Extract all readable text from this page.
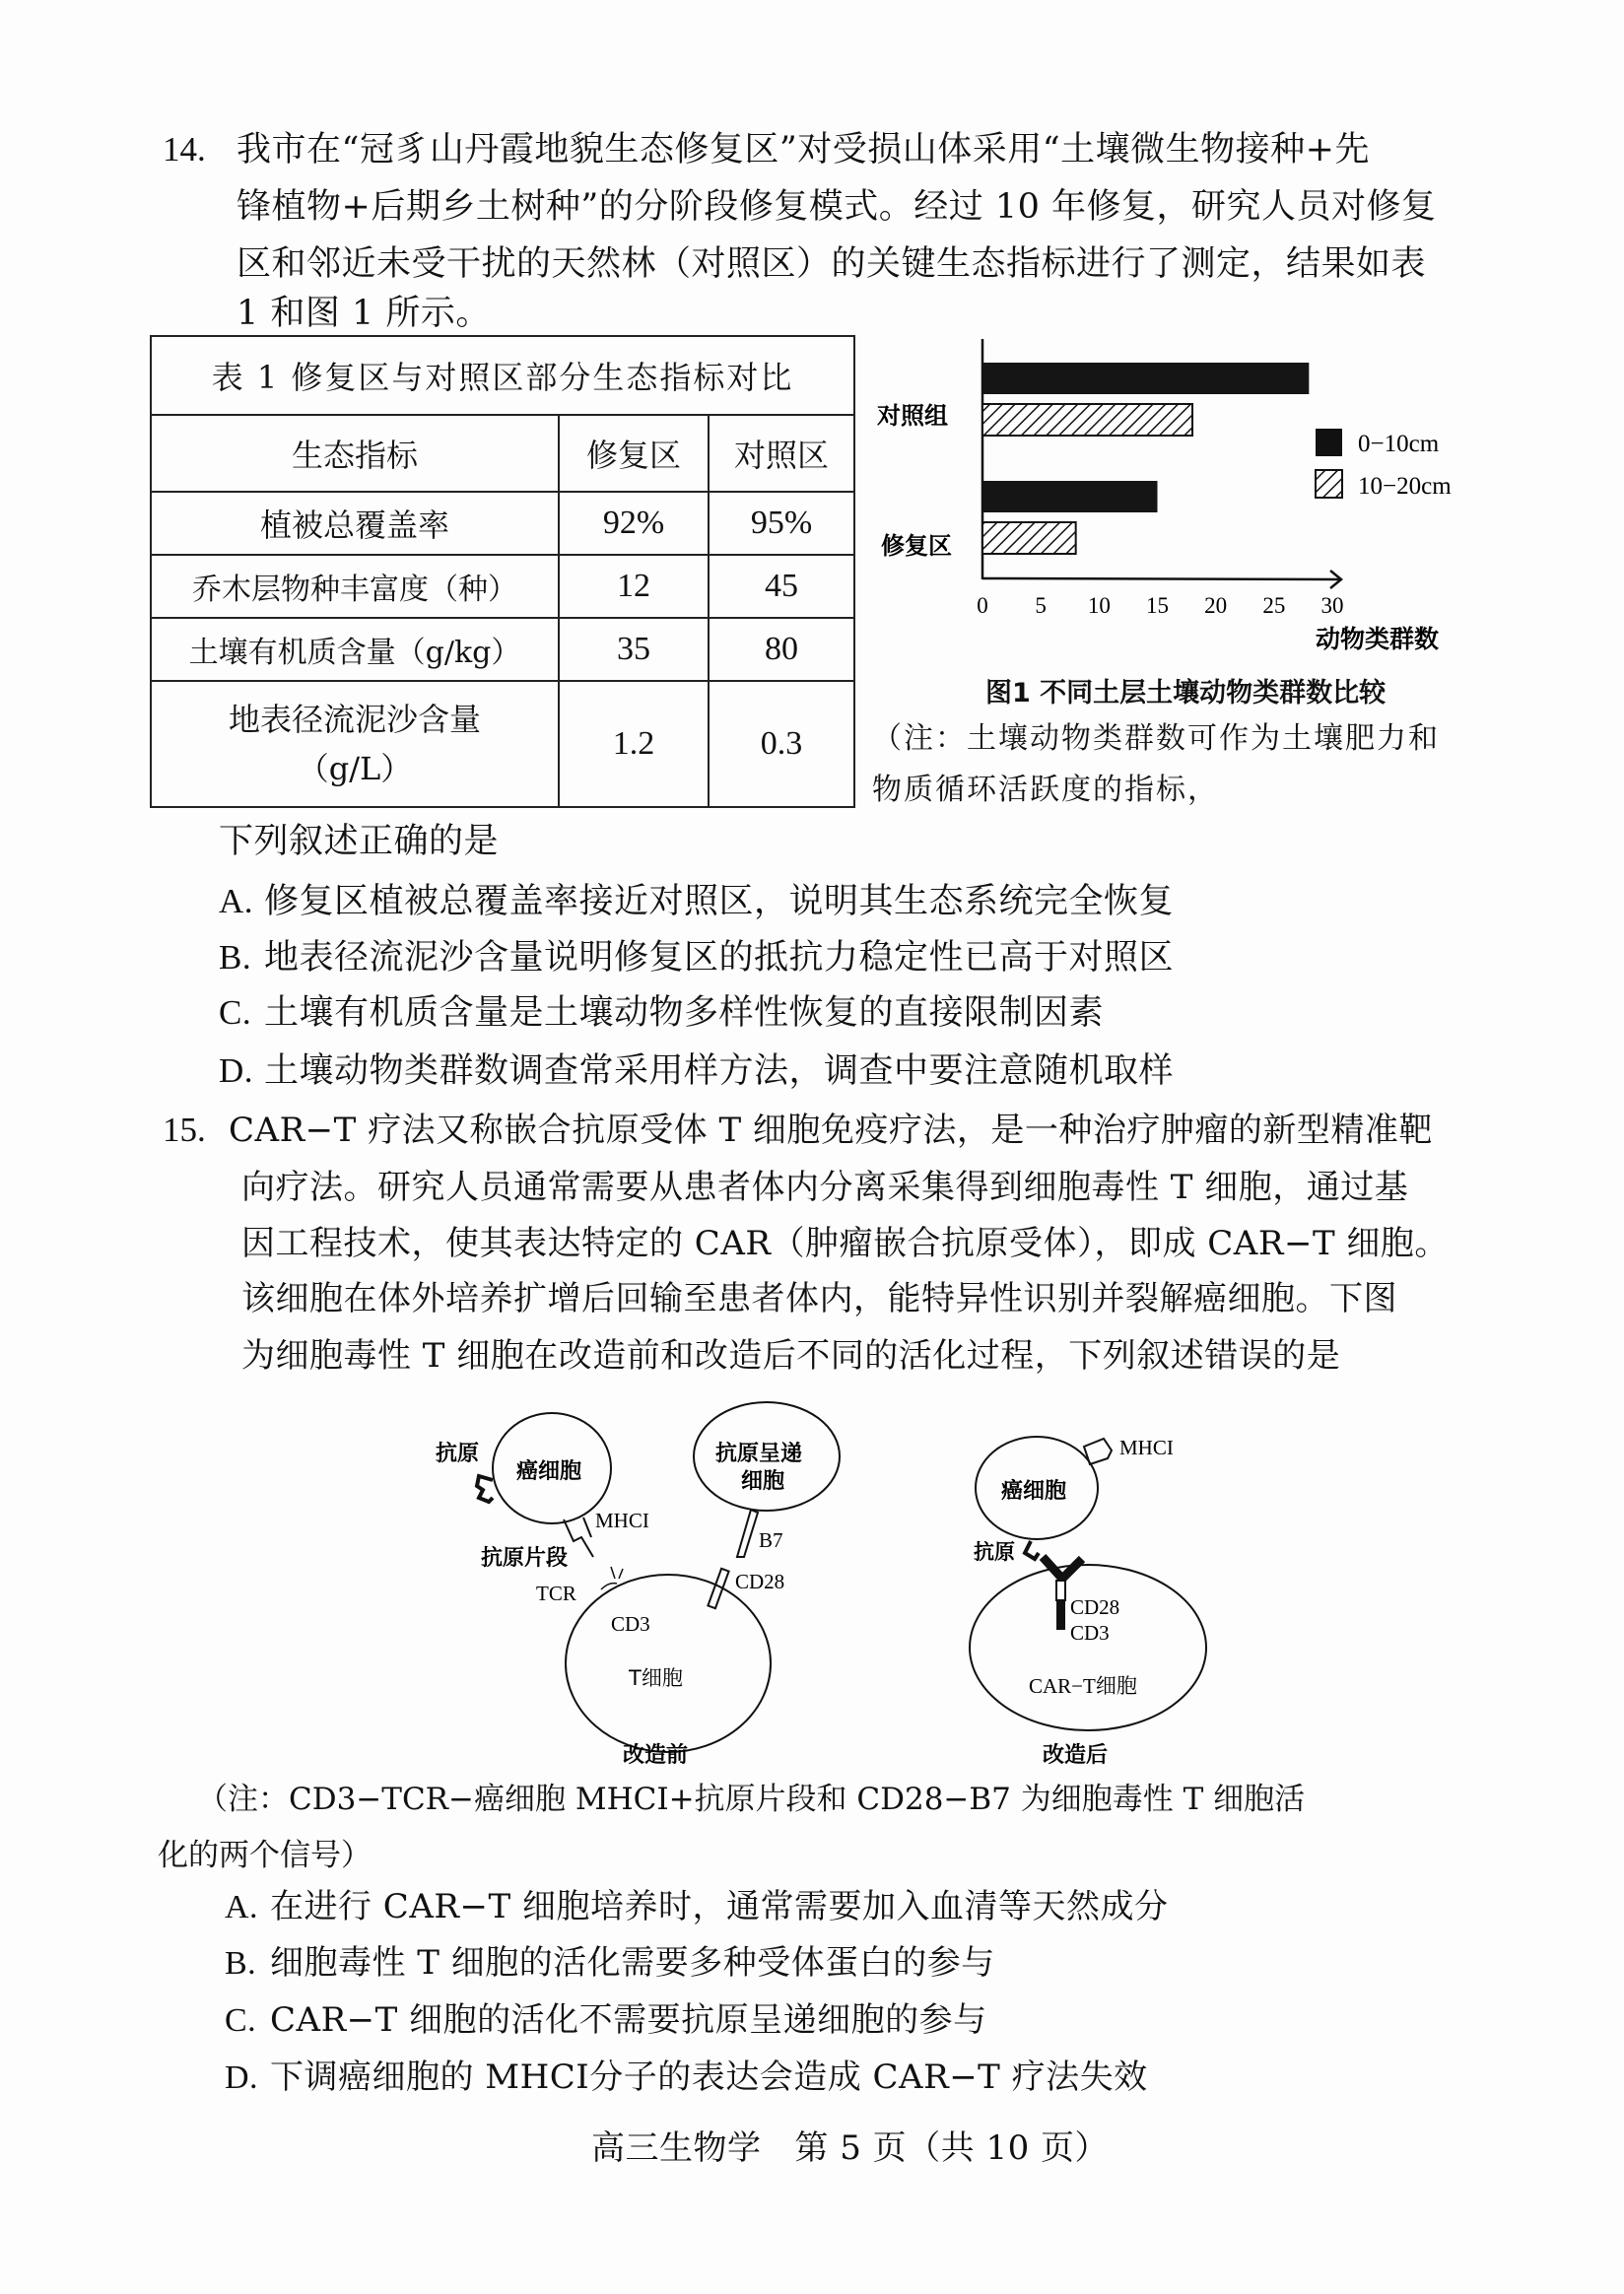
14. 我市在“冠豸山丹霞地貌生态修复区”对受损山体采用“土壤微生物接种+先
锋植物+后期乡土树种”的分阶段修复模式。经过 10 年修复，研究人员对修复
区和邻近未受干扰的天然林（对照区）的关键生态指标进行了测定，结果如表
1 和图 1 所示。
表 1 修复区与对照区部分生态指标对比		
生态指标	修复区	对照区
植被总覆盖率	92%	95%
乔木层物种丰富度（种）	12	45
土壤有机质含量（g/kg）	35	80

地表径流泥沙含量
（g/L）	1.2	0.3
0 5 10 15 20 25 30
对照组
修复区
0−10cm
10−20cm
动物类群数
图1 不同土层土壤动物类群数比较
（注：土壤动物类群数可作为土壤肥力和
物质循环活跃度的指标，
下列叙述正确的是
A. 修复区植被总覆盖率接近对照区，说明其生态系统完全恢复
B. 地表径流泥沙含量说明修复区的抵抗力稳定性已高于对照区
C. 土壤有机质含量是土壤动物多样性恢复的直接限制因素
D. 土壤动物类群数调查常采用样方法，调查中要注意随机取样
15. CAR−T 疗法又称嵌合抗原受体 T 细胞免疫疗法，是一种治疗肿瘤的新型精准靶
向疗法。研究人员通常需要从患者体内分离采集得到细胞毒性 T 细胞，通过基
因工程技术，使其表达特定的 CAR（肿瘤嵌合抗原受体），即成 CAR−T 细胞。
该细胞在体外培养扩增后回输至患者体内，能特异性识别并裂解癌细胞。下图
为细胞毒性 T 细胞在改造前和改造后不同的活化过程，下列叙述错误的是
抗原
癌细胞
MHCI
抗原片段
TCR
CD3
T细胞
抗原呈递
细胞
B7
CD28
改造前
MHCI
癌细胞
抗原
CD28
CD3
CAR−T细胞
改造后
（注：CD3−TCR−癌细胞 MHCⅠ+抗原片段和 CD28−B7 为细胞毒性 T 细胞活
化的两个信号）
A. 在进行 CAR−T 细胞培养时，通常需要加入血清等天然成分
B. 细胞毒性 T 细胞的活化需要多种受体蛋白的参与
C. CAR−T 细胞的活化不需要抗原呈递细胞的参与
D. 下调癌细胞的 MHCⅠ分子的表达会造成 CAR−T 疗法失效
高三生物学   第 5 页（共 10 页）
